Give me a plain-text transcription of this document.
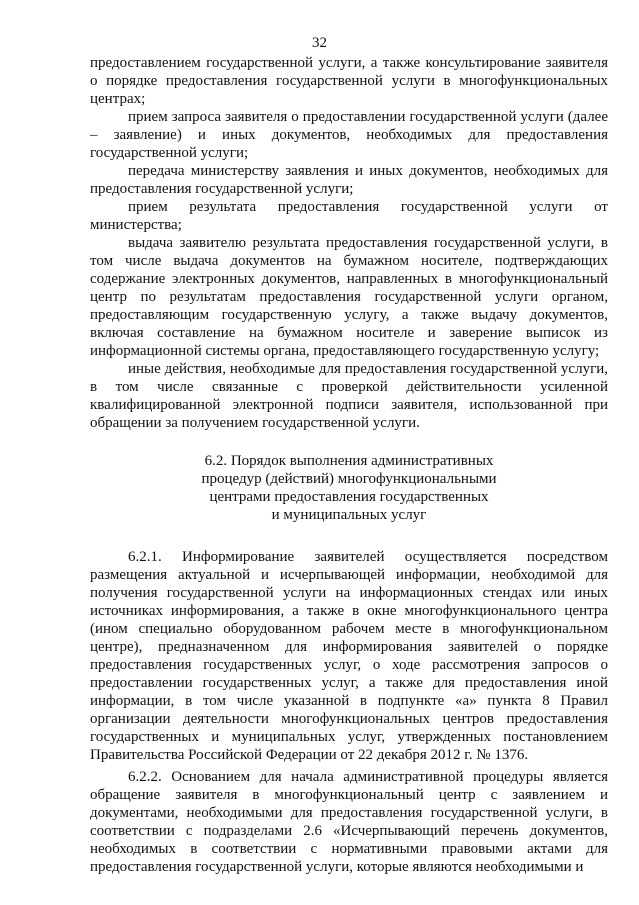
32

предоставлением государственной услуги, а также консультирование заявителя о порядке предоставления государственной услуги в многофункциональных центрах;

прием запроса заявителя о предоставлении государственной услуги (далее – заявление) и иных документов, необходимых для предоставления государственной услуги;

передача министерству заявления и иных документов, необходимых для предоставления государственной услуги;

прием результата предоставления государственной услуги от министерства;

выдача заявителю результата предоставления государственной услуги, в том числе выдача документов на бумажном носителе, подтверждающих содержание электронных документов, направленных в многофункциональный центр по результатам предоставления государственной услуги органом, предоставляющим государственную услугу, а также выдачу документов, включая составление на бумажном носителе и заверение выписок из информационной системы органа, предоставляющего государственную услугу;

иные действия, необходимые для предоставления государственной услуги, в том числе связанные с проверкой действительности усиленной квалифицированной электронной подписи заявителя, использованной при обращении за получением государственной услуги.

6.2. Порядок выполнения административных
процедур (действий) многофункциональными
центрами предоставления государственных
и муниципальных услуг

6.2.1. Информирование заявителей осуществляется посредством размещения актуальной и исчерпывающей информации, необходимой для получения государственной услуги на информационных стендах или иных источниках информирования, а также в окне многофункционального центра (ином специально оборудованном рабочем месте в многофункциональном центре), предназначенном для информирования заявителей о порядке предоставления государственных услуг, о ходе рассмотрения запросов о предоставлении государственных услуг, а также для предоставления иной информации, в том числе указанной в подпункте «а» пункта 8 Правил организации деятельности многофункциональных центров предоставления государственных и муниципальных услуг, утвержденных постановлением Правительства Российской Федерации от 22 декабря 2012 г. № 1376.

6.2.2. Основанием для начала административной процедуры является обращение заявителя в многофункциональный центр с заявлением и документами, необходимыми для предоставления государственной услуги, в соответствии с подразделами 2.6 «Исчерпывающий перечень документов, необходимых в соответствии с нормативными правовыми актами для предоставления государственной услуги, которые являются необходимыми и
